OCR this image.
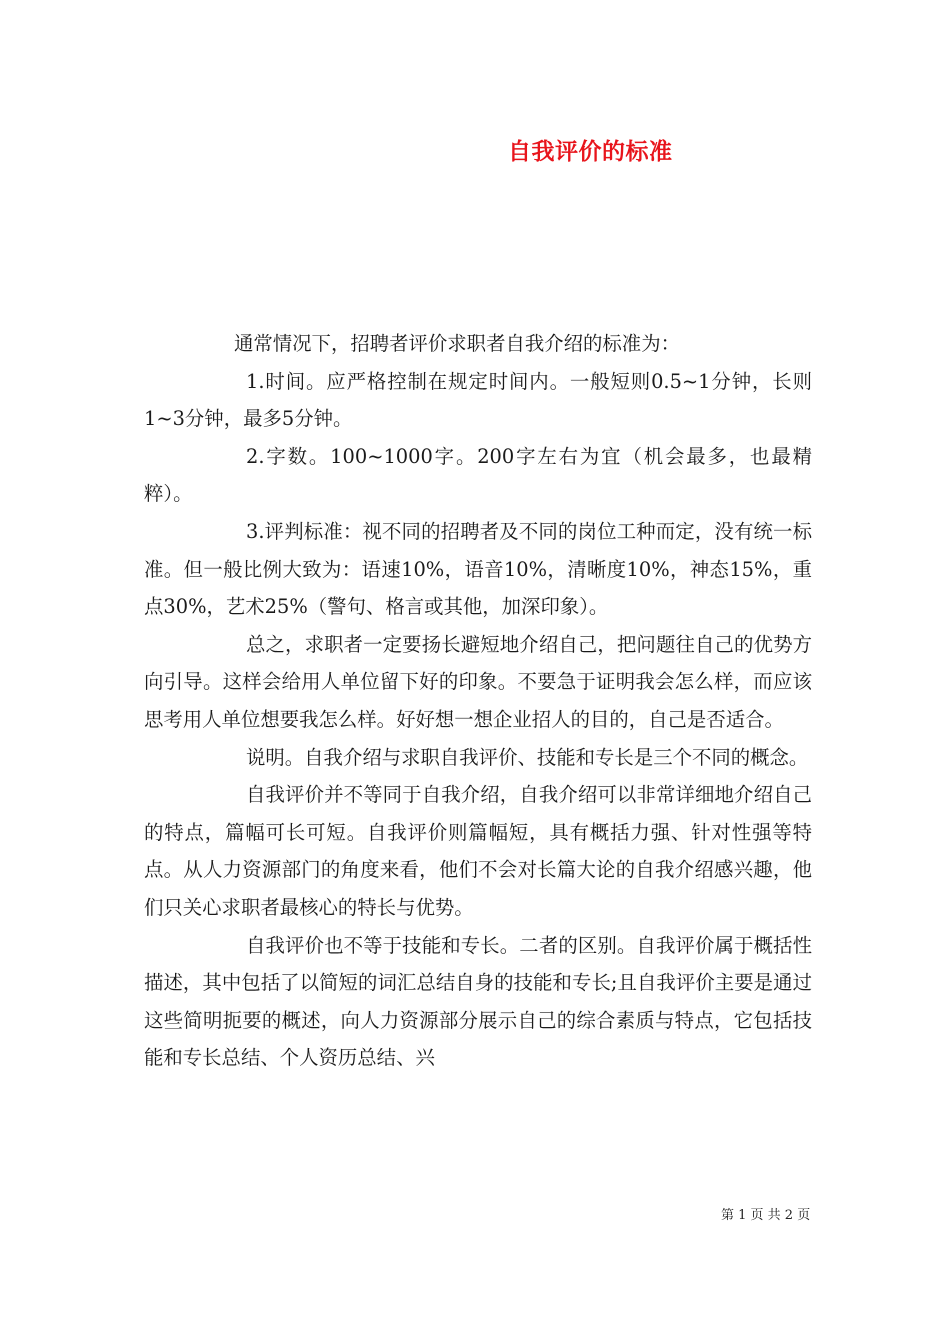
自我评价的标准

通常情况下，招聘者评价求职者自我介绍的标准为：

1.时间。应严格控制在规定时间内。一般短则0.5~1分钟，长则1~3分钟，最多5分钟。

2.字数。100~1000字。200字左右为宜（机会最多，也最精粹）。

3.评判标准：视不同的招聘者及不同的岗位工种而定，没有统一标准。但一般比例大致为：语速10%，语音10%，清晰度10%，神态15%，重点30%，艺术25%（警句、格言或其他，加深印象）。

总之，求职者一定要扬长避短地介绍自己，把问题往自己的优势方向引导。这样会给用人单位留下好的印象。不要急于证明我会怎么样，而应该思考用人单位想要我怎么样。好好想一想企业招人的目的，自己是否适合。

说明。自我介绍与求职自我评价、技能和专长是三个不同的概念。

自我评价并不等同于自我介绍，自我介绍可以非常详细地介绍自己的特点，篇幅可长可短。自我评价则篇幅短，具有概括力强、针对性强等特点。从人力资源部门的角度来看，他们不会对长篇大论的自我介绍感兴趣，他们只关心求职者最核心的特长与优势。

自我评价也不等于技能和专长。二者的区别。自我评价属于概括性描述，其中包括了以简短的词汇总结自身的技能和专长;且自我评价主要是通过这些简明扼要的概述，向人力资源部分展示自己的综合素质与特点，它包括技能和专长总结、个人资历总结、兴

第 1 页 共 2 页
